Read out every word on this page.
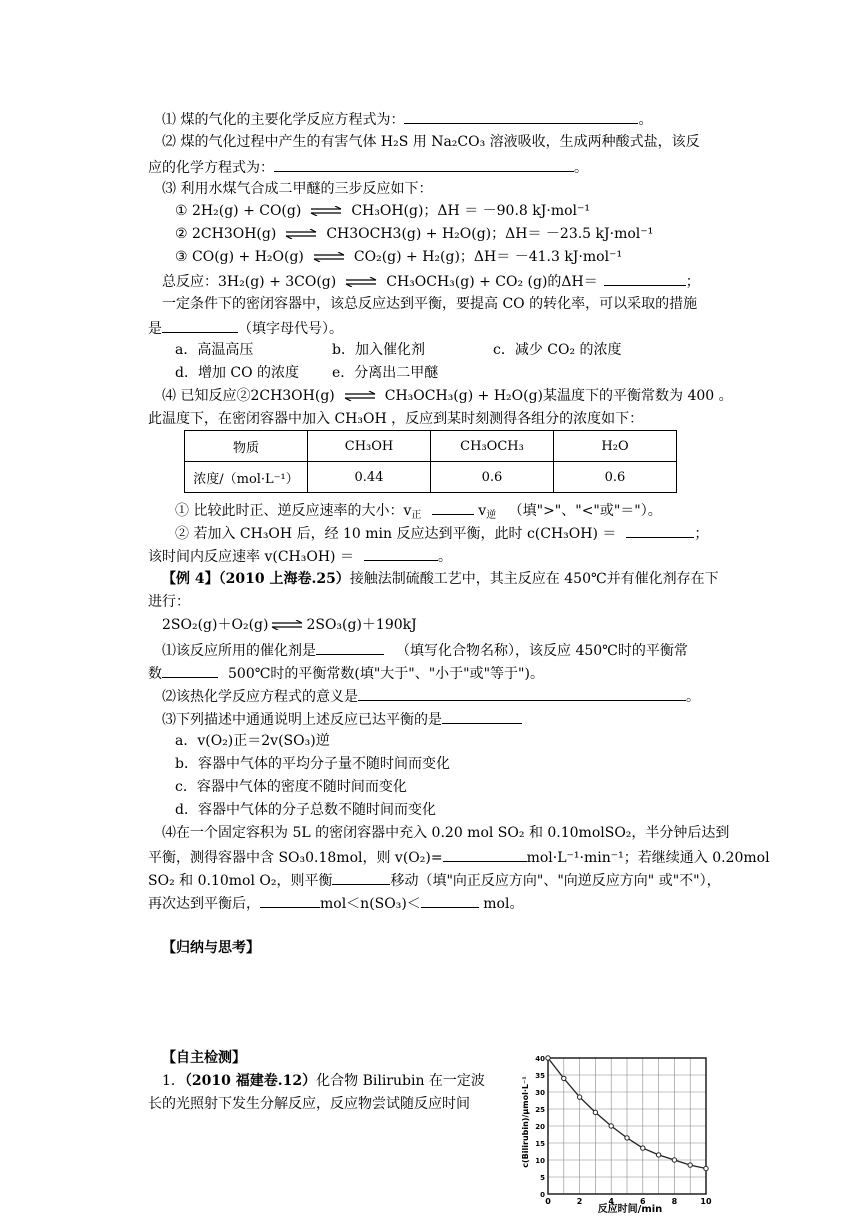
⑴ 煤的气化的主要化学反应方程式为：	。
⑵ 煤的气化过程中产生的有害气体 H₂S 用 Na₂CO₃ 溶液吸收，生成两种酸式盐，该反
应的化学方程式为：	。
⑶ 利用水煤气合成二甲醚的三步反应如下：
① 2H₂(g) + CO(g) ⇌ CH₃OH(g)；ΔH ＝ －90.8 kJ·mol⁻¹
② 2CH3OH(g) ⇌ CH3OCH3(g) + H₂O(g)；ΔH＝ －23.5 kJ·mol⁻¹
③ CO(g) + H₂O(g) ⇌ CO₂(g) + H₂(g)；ΔH＝ －41.3 kJ·mol⁻¹
总反应：3H₂(g) + 3CO(g) ⇌ CH₃OCH₃(g) + CO₂ (g)的ΔH＝	；
一定条件下的密闭容器中，该总反应达到平衡，要提高 CO 的转化率，可以采取的措施
是	（填字母代号）。
a．高温高压	b．加入催化剂	c．减少 CO₂ 的浓度
d．增加 CO 的浓度 e．分离出二甲醚
⑷ 已知反应②2CH3OH(g) ⇌ CH₃OCH₃(g) + H₂O(g)某温度下的平衡常数为 400 。
此温度下，在密闭容器中加入 CH₃OH ，反应到某时刻测得各组分的浓度如下：
物质	CH₃OH	CH₃OCH₃	H₂O
浓度/（mol·L⁻¹）	0.44	0.6	0.6
① 比较此时正、逆反应速率的大小：$v_正$	$v_逆$ （填">"、"<"或"＝"）。
② 若加入 CH₃OH 后，经 10 min 反应达到平衡，此时 c(CH₃OH) ＝	；
该时间内反应速率 v(CH₃OH) ＝	。
【例 4】（2010 上海卷.25）接触法制硫酸工艺中，其主反应在 450℃并有催化剂存在下
进行：
2SO₂(g)＋O₂(g) ⇌ 2SO₃(g)＋190kJ
⑴该反应所用的催化剂是	（填写化合物名称），该反应 450℃时的平衡常
数	500℃时的平衡常数(填"大于"、"小于"或"等于")。
⑵该热化学反应方程式的意义是	。
⑶下列描述中通通说明上述反应已达平衡的是
a．v(O₂)正＝2v(SO₃)逆
b．容器中气体的平均分子量不随时间而变化
c．容器中气体的密度不随时间而变化
d．容器中气体的分子总数不随时间而变化
⑷在一个固定容积为 5L 的密闭容器中充入 0.20 mol SO₂ 和 0.10molSO₂，半分钟后达到
平衡，测得容器中含 SO₃0.18mol，则 v(O₂)=	mol·L⁻¹·min⁻¹；若继续通入 0.20mol
SO₂ 和 0.10mol O₂，则平衡	移动（填"向正反应方向"、"向逆反应方向" 或"不"），
再次达到平衡后，	mol＜n(SO₃)＜	mol。
【归纳与思考】
【自主检测】
1．（2010 福建卷.12）化合物 Bilirubin 在一定波
长的光照射下发生分解反应，反应物尝试随反应时间
0	2	4	6	8	10
0
5
10
15
20
25
30
35
40
反应时间/min
c(Bilirubin)/μmol·L⁻¹
